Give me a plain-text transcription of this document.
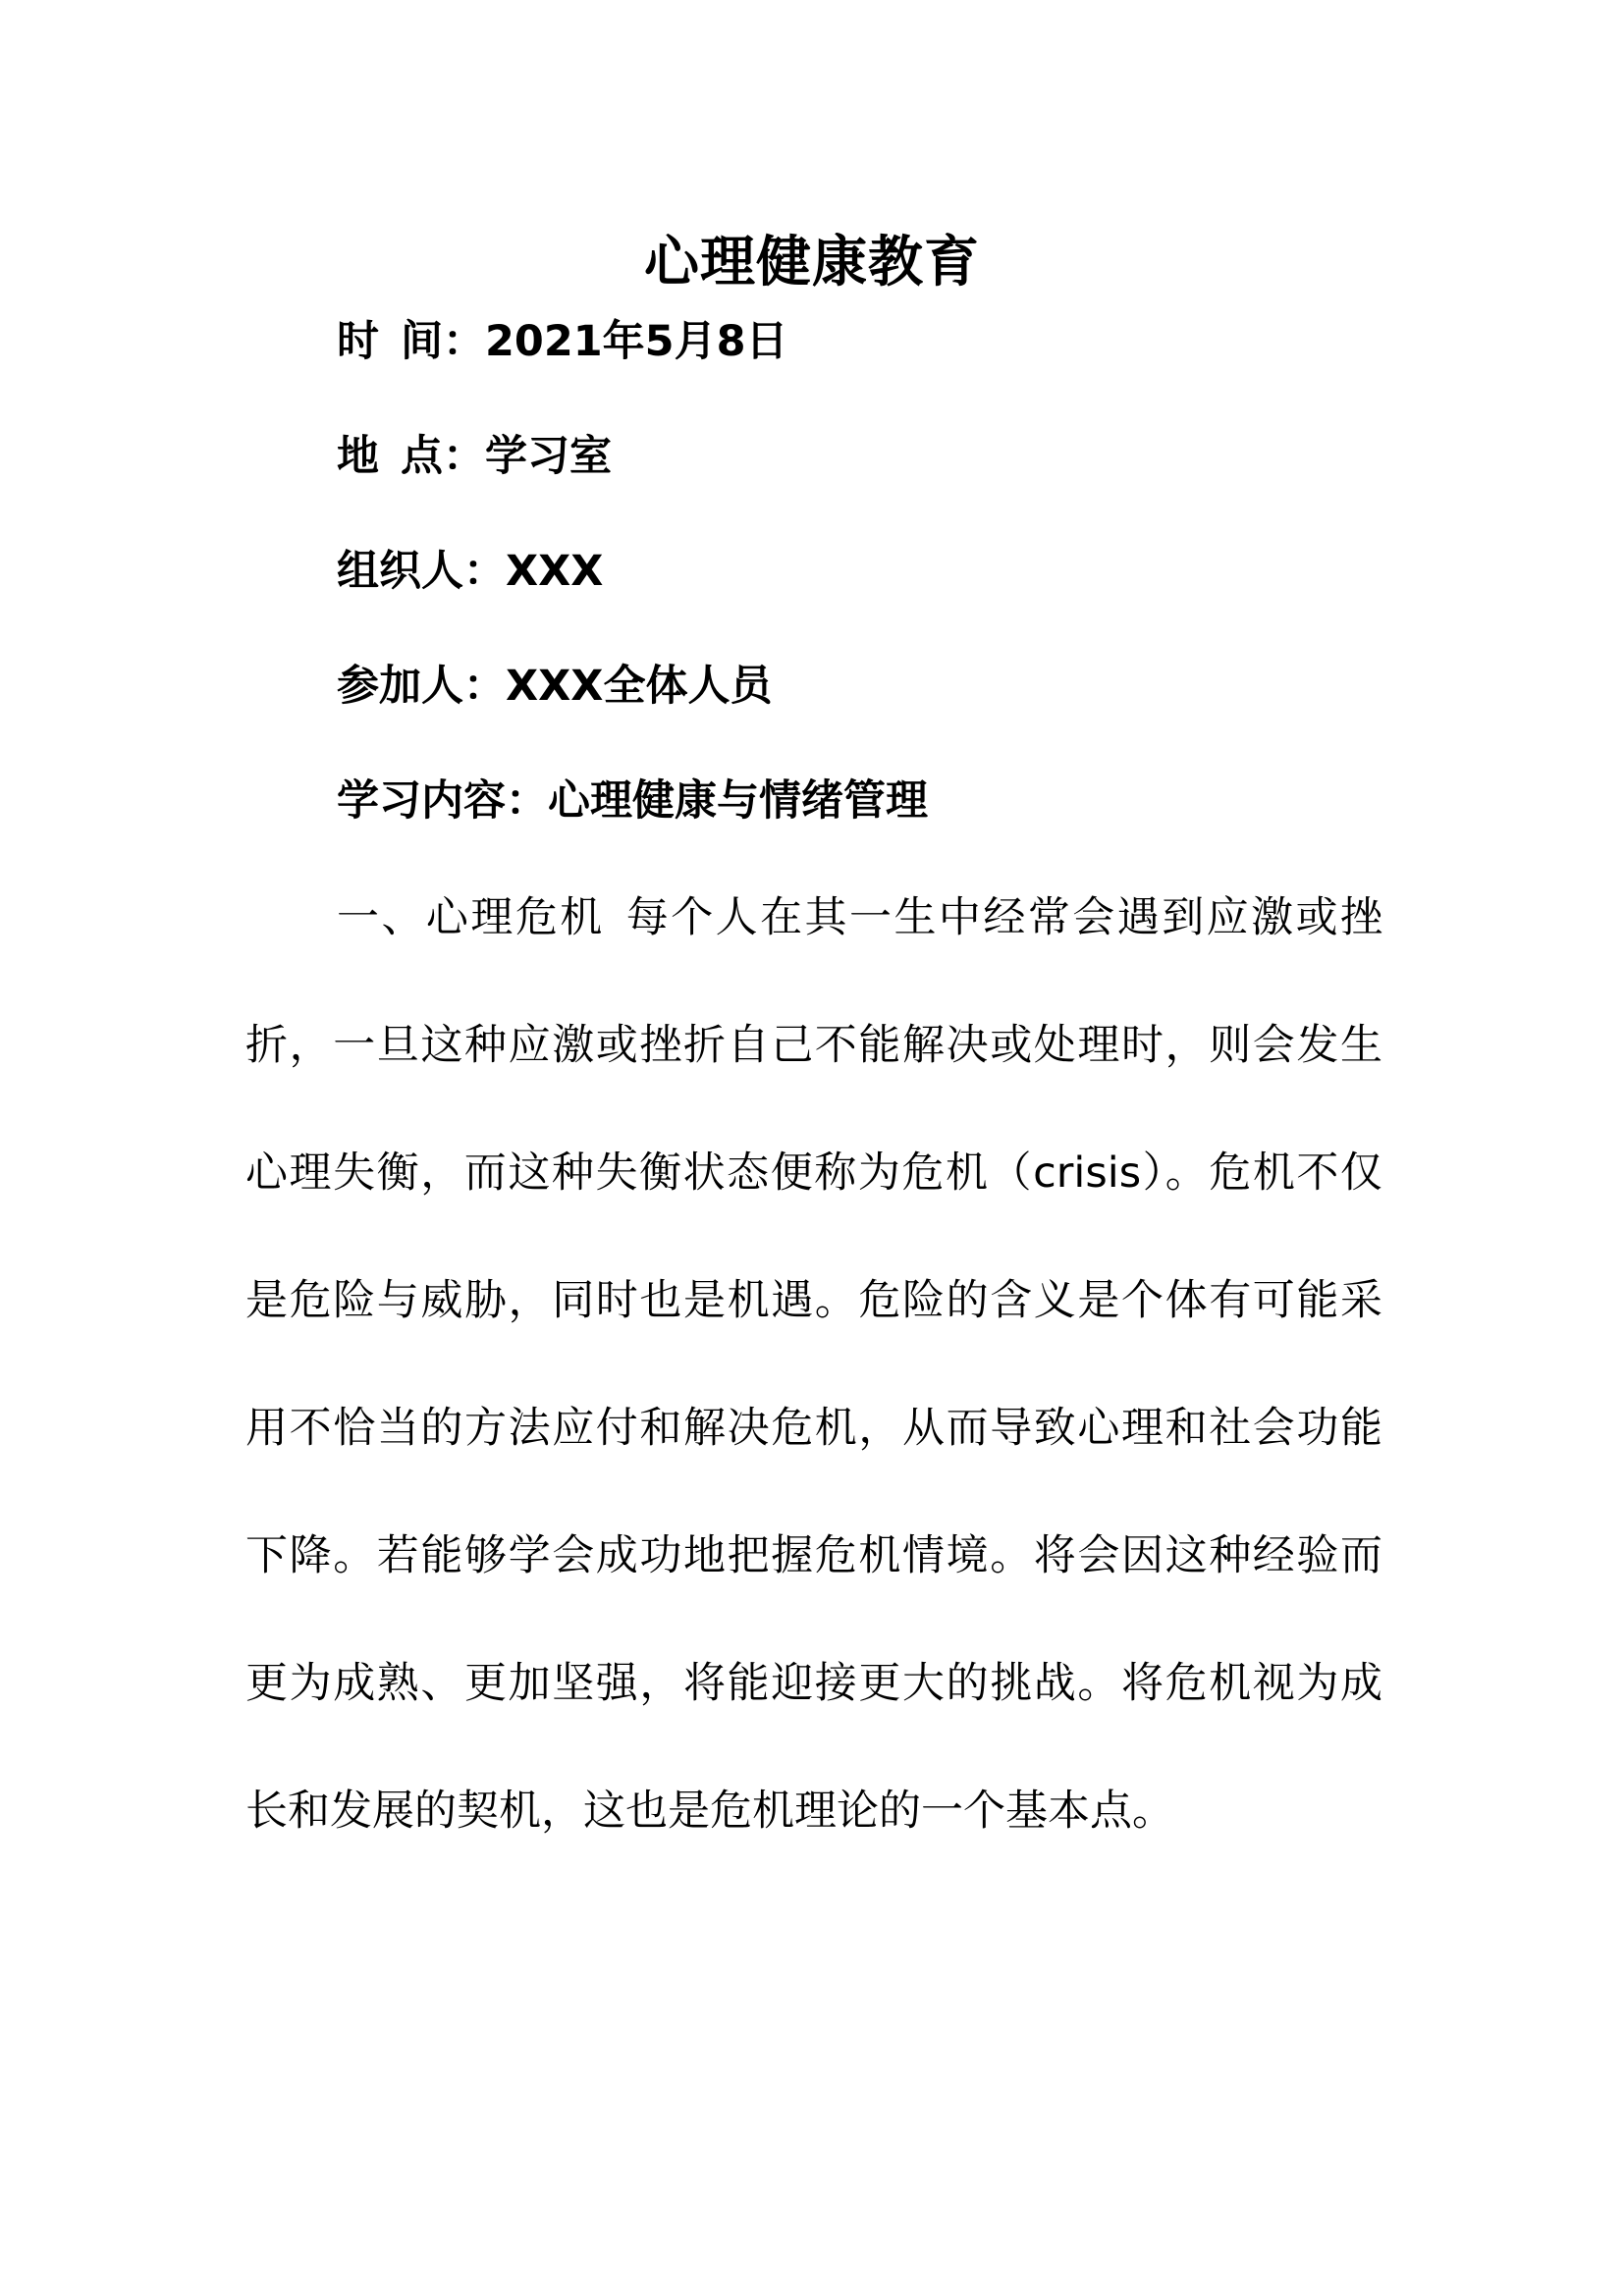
心理健康教育
时 间：2021年5月8日
地 点：学习室
组织人：XXX
参加人：XXX全体人员
学习内容：心理健康与情绪管理

一、心理危机 每个人在其一生中经常会遇到应激或挫折，一旦这种应激或挫折自己不能解决或处理时，则会发生心理失衡，而这种失衡状态便称为危机（crisis）。危机不仅是危险与威胁，同时也是机遇。危险的含义是个体有可能采用不恰当的方法应付和解决危机，从而导致心理和社会功能下降。若能够学会成功地把握危机情境。将会因这种经验而更为成熟、更加坚强，将能迎接更大的挑战。将危机视为成长和发展的契机，这也是危机理论的一个基本点。
